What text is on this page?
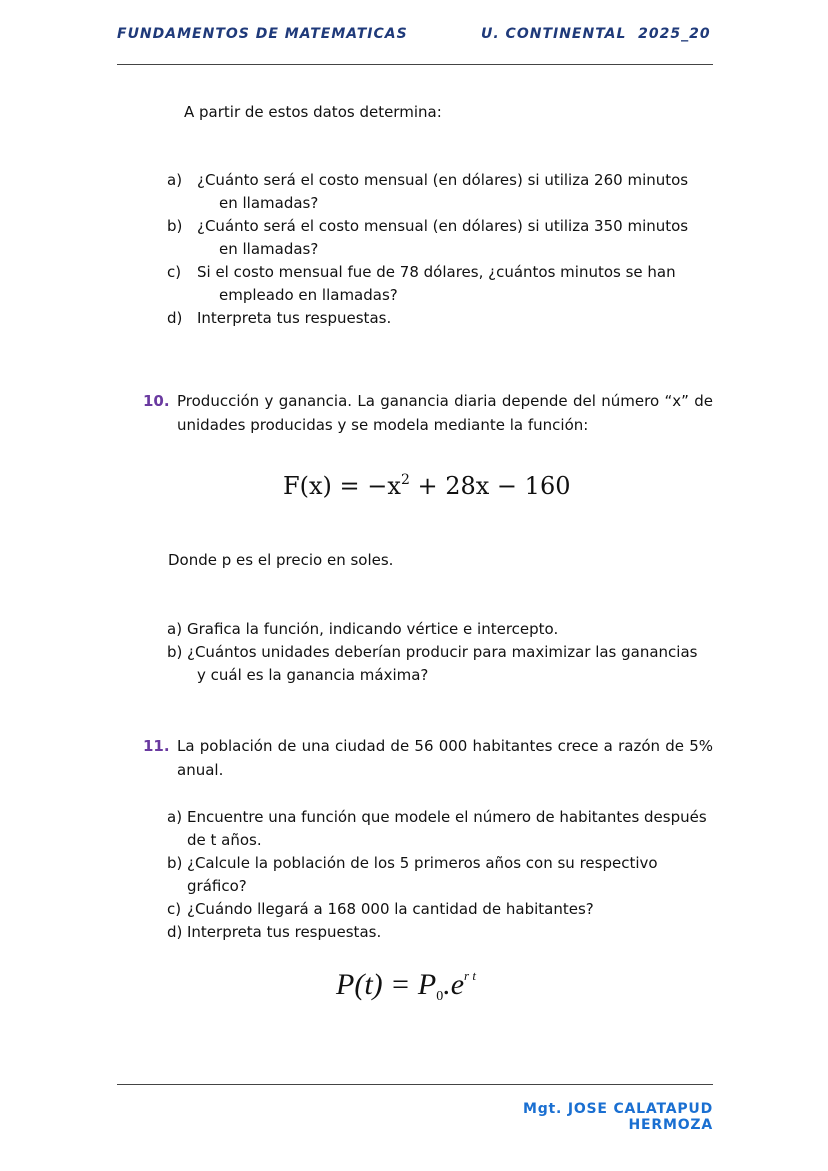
FUNDAMENTOS DE MATEMATICAS	U. CONTINENTAL  2025_20
A partir de estos datos determina:
a) ¿Cuánto será el costo mensual (en dólares) si utiliza 260 minutos
en llamadas?
b) ¿Cuánto será el costo mensual (en dólares) si utiliza 350 minutos
en llamadas?
c) Si el costo mensual fue de 78 dólares, ¿cuántos minutos se han
empleado en llamadas?
d) Interpreta tus respuestas.
10. Producción y ganancia. La ganancia diaria depende del número “x” de unidades producidas y se modela mediante la función:
$F(x) = -x^2 + 28x - 160$
Donde p es el precio en soles.
a) Grafica la función, indicando vértice e intercepto.
b) ¿Cuántos unidades deberían producir para maximizar las ganancias
y cuál es la ganancia máxima?
11. La población de una ciudad de 56 000 habitantes crece a razón de 5% anual.
a) Encuentre una función que modele el número de habitantes después
de t años.
b) ¿Calcule la población de los 5 primeros años con su respectivo
gráfico?
c) ¿Cuándo llegará a 168 000 la cantidad de habitantes?
d) Interpreta tus respuestas.
$P(t) = P_0.e^{r t}$
Mgt. JOSE CALATAPUD HERMOZA
